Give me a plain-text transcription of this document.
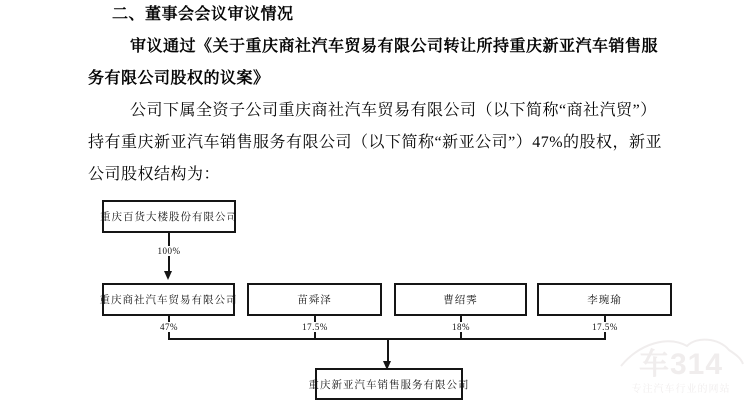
二、董事会会议审议情况
审议通过《关于重庆商社汽车贸易有限公司转让所持重庆新亚汽车销售服
务有限公司股权的议案》
公司下属全资子公司重庆商社汽车贸易有限公司（以下简称“商社汽贸”）
持有重庆新亚汽车销售服务有限公司（以下简称“新亚公司”）47%的股权，新亚
公司股权结构为：
重庆百货大楼股份有限公司
100%
重庆商社汽车贸易有限公司	苗舜泽	曹绍霁	李琬瑜
47%	17.5%	18%	17.5%
重庆新亚汽车销售服务有限公司
车314
专注汽车行业的网站
